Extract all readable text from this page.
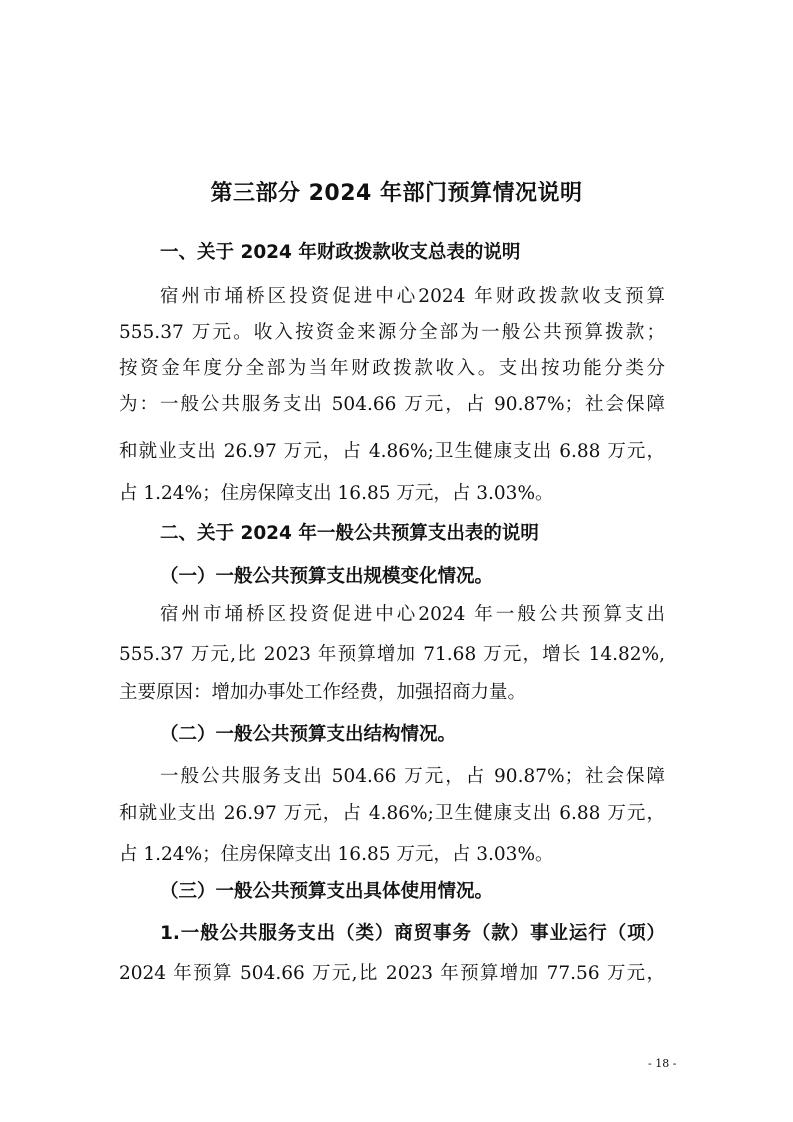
第三部分 2024 年部门预算情况说明

一、关于 2024 年财政拨款收支总表的说明

宿州市埇桥区投资促进中心2024 年财政拨款收支预算

555.37 万元。收入按资金来源分全部为一般公共预算拨款；

按资金年度分全部为当年财政拨款收入。支出按功能分类分

为：一般公共服务支出 504.66 万元，占 90.87%；社会保障

和就业支出 26.97 万元，占 4.86%;卫生健康支出 6.88 万元，

占 1.24%；住房保障支出 16.85 万元，占 3.03%。

二、关于 2024 年一般公共预算支出表的说明

（一）一般公共预算支出规模变化情况。

宿州市埇桥区投资促进中心2024 年一般公共预算支出

555.37 万元,比 2023 年预算增加 71.68 万元，增长 14.82%,

主要原因：增加办事处工作经费，加强招商力量。

（二）一般公共预算支出结构情况。

一般公共服务支出 504.66 万元，占 90.87%；社会保障

和就业支出 26.97 万元，占 4.86%;卫生健康支出 6.88 万元，

占 1.24%；住房保障支出 16.85 万元，占 3.03%。

（三）一般公共预算支出具体使用情况。

1.一般公共服务支出（类）商贸事务（款）事业运行（项）

2024 年预算 504.66 万元,比 2023 年预算增加 77.56 万元，

- 18 -
